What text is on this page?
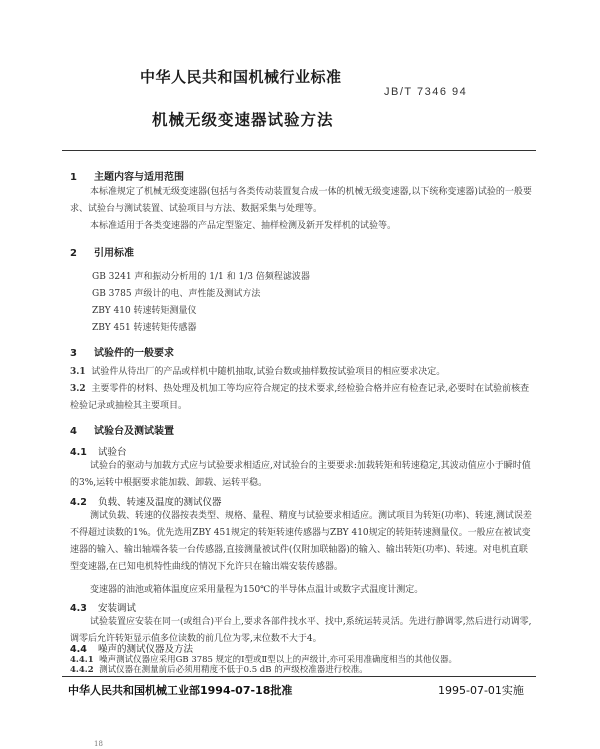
中华人民共和国机械行业标准
JB/T 7346 94
机械无级变速器试验方法
1 主题内容与适用范围
本标准规定了机械无级变速器(包括与各类传动装置复合成一体的机械无级变速器,以下统称变速器)试验的一般要求、试验台与测试装置、试验项目与方法、数据采集与处理等。
本标准适用于各类变速器的产品定型鉴定、抽样检测及新开发样机的试验等。
2 引用标准
GB 3241 声和振动分析用的 1/1 和 1/3 倍频程滤波器
GB 3785 声级计的电、声性能及测试方法
ZBY 410 转速转矩测量仪
ZBY 451 转速转矩传感器
3 试验件的一般要求
3.1 试验件从待出厂的产品或样机中随机抽取,试验台数或抽样数按试验项目的相应要求决定。
3.2 主要零件的材料、热处理及机加工等均应符合规定的技术要求,经检验合格并应有检查记录,必要时在试验前核查检验记录或抽检其主要项目。
4 试验台及测试装置
4.1 试验台
试验台的驱动与加载方式应与试验要求相适应,对试验台的主要要求:加载转矩和转速稳定,其波动值应小于瞬时值的3%,运转中根据要求能加载、卸载、运转平稳。
4.2 负载、转速及温度的测试仪器
测试负载、转速的仪器按表类型、规格、量程、精度与试验要求相适应。测试项目为转矩(功率)、转速,测试误差不得超过读数的1%。优先选用ZBY 451规定的转矩转速传感器与ZBY 410规定的转矩转速测量仪。一般应在被试变速器的输入、输出轴端各装一台传感器,直接测量被试件(仅附加联轴器)的输入、输出转矩(功率)、转速。对电机直联型变速器,在已知电机特性曲线的情况下允许只在输出端安装传感器。
变速器的油池或箱体温度应采用量程为150℃的半导体点温计或数字式温度计测定。
4.3 安装调试
试验装置应安装在同一(或组合)平台上,要求各部件找水平、找中,系统运转灵活。先进行静调零,然后进行动调零,调零后允许转矩显示值多位读数的前几位为零,末位数不大于4。
4.4 噪声的测试仪器及方法
4.4.1 噪声测试仪器应采用GB 3785 规定的Ⅰ型或Ⅱ型以上的声级计,亦可采用准确度相当的其他仪器。
4.4.2 测试仪器在测量前后必须用精度不低于0.5 dB 的声级校准器进行校准。
中华人民共和国机械工业部1994-07-18批准	1995-07-01实施
18
